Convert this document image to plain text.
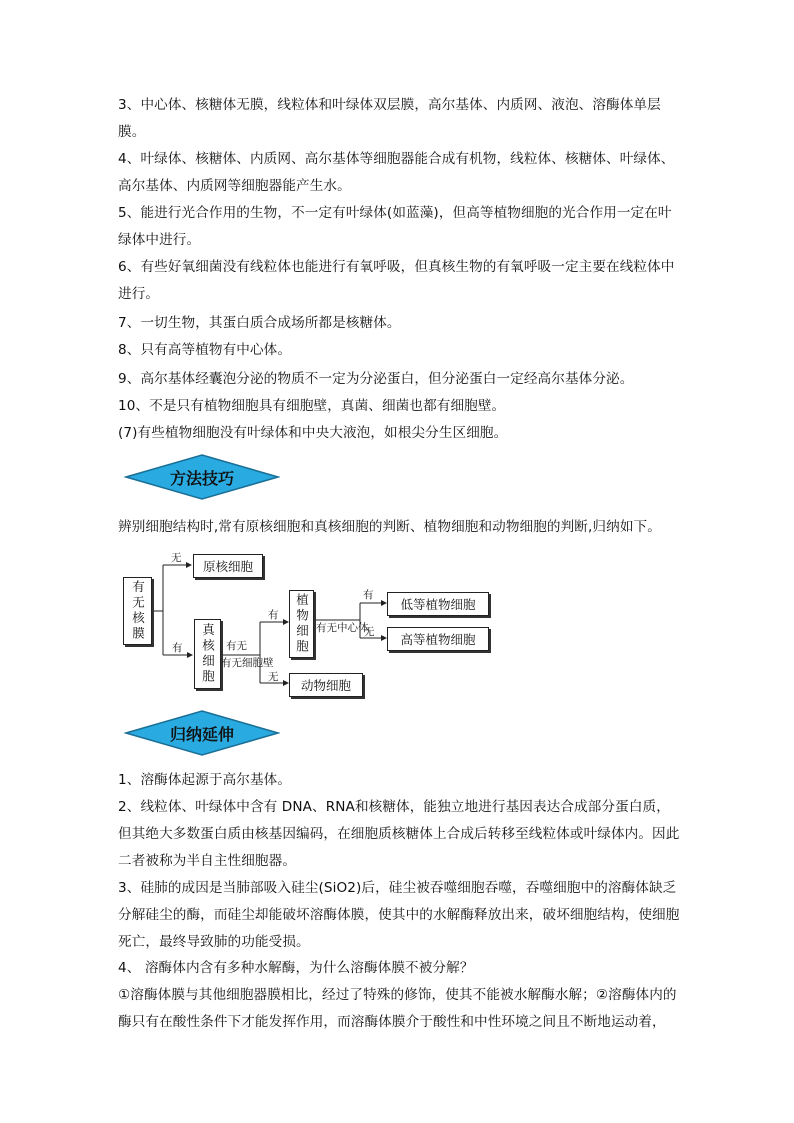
3、中心体、核糖体无膜，线粒体和叶绿体双层膜，高尔基体、内质网、液泡、溶酶体单层膜。
4、叶绿体、核糖体、内质网、高尔基体等细胞器能合成有机物，线粒体、核糖体、叶绿体、高尔基体、内质网等细胞器能产生水。
5、能进行光合作用的生物，不一定有叶绿体(如蓝藻)，但高等植物细胞的光合作用一定在叶绿体中进行。
6、有些好氧细菌没有线粒体也能进行有氧呼吸，但真核生物的有氧呼吸一定主要在线粒体中进行。
7、一切生物，其蛋白质合成场所都是核糖体。
8、只有高等植物有中心体。
9、高尔基体经囊泡分泌的物质不一定为分泌蛋白，但分泌蛋白一定经高尔基体分泌。
10、不是只有植物细胞具有细胞壁，真菌、细菌也都有细胞壁。
(7)有些植物细胞没有叶绿体和中央大液泡，如根尖分生区细胞。
方法技巧
辨别细胞结构时,常有原核细胞和真核细胞的判断、植物细胞和动物细胞的判断,归纳如下。
有无核膜
原核细胞
真核细胞	植物细胞
动物细胞
低等植物细胞
高等植物细胞
无
有	有无
有无细胞壁
有
无
有无中心体
有
无
归纳延伸
1、溶酶体起源于高尔基体。
2、线粒体、叶绿体中含有 DNA、RNA和核糖体，能独立地进行基因表达合成部分蛋白质，但其绝大多数蛋白质由核基因编码，在细胞质核糖体上合成后转移至线粒体或叶绿体内。因此二者被称为半自主性细胞器。
3、硅肺的成因是当肺部吸入硅尘(SiO2)后，硅尘被吞噬细胞吞噬，吞噬细胞中的溶酶体缺乏分解硅尘的酶，而硅尘却能破坏溶酶体膜，使其中的水解酶释放出来，破坏细胞结构，使细胞死亡，最终导致肺的功能受损。
4、 溶酶体内含有多种水解酶，为什么溶酶体膜不被分解？
①溶酶体膜与其他细胞器膜相比，经过了特殊的修饰，使其不能被水解酶水解；②溶酶体内的酶只有在酸性条件下才能发挥作用，而溶酶体膜介于酸性和中性环境之间且不断地运动着，
